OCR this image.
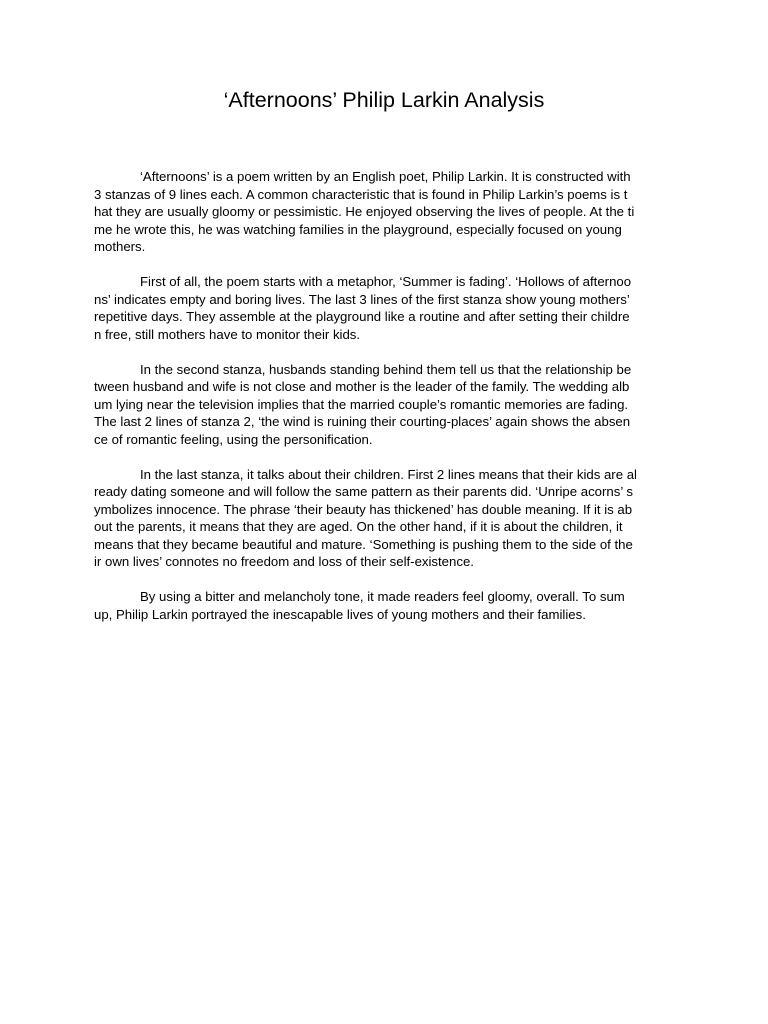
‘Afternoons’ Philip Larkin Analysis

‘Afternoons’ is a poem written by an English poet, Philip Larkin. It is constructed with
3 stanzas of 9 lines each. A common characteristic that is found in Philip Larkin’s poems is t
hat they are usually gloomy or pessimistic. He enjoyed observing the lives of people. At the ti
me he wrote this, he was watching families in the playground, especially focused on young
mothers.

First of all, the poem starts with a metaphor, ‘Summer is fading’. ‘Hollows of afternoo
ns’ indicates empty and boring lives. The last 3 lines of the first stanza show young mothers’
repetitive days. They assemble at the playground like a routine and after setting their childre
n free, still mothers have to monitor their kids.

In the second stanza, husbands standing behind them tell us that the relationship be
tween husband and wife is not close and mother is the leader of the family. The wedding alb
um lying near the television implies that the married couple’s romantic memories are fading.
The last 2 lines of stanza 2, ‘the wind is ruining their courting-places’ again shows the absen
ce of romantic feeling, using the personification.

In the last stanza, it talks about their children. First 2 lines means that their kids are al
ready dating someone and will follow the same pattern as their parents did. ‘Unripe acorns’ s
ymbolizes innocence. The phrase ‘their beauty has thickened’ has double meaning. If it is ab
out the parents, it means that they are aged. On the other hand, if it is about the children, it
means that they became beautiful and mature. ‘Something is pushing them to the side of the
ir own lives’ connotes no freedom and loss of their self-existence.

By using a bitter and melancholy tone, it made readers feel gloomy, overall. To sum
up, Philip Larkin portrayed the inescapable lives of young mothers and their families.
